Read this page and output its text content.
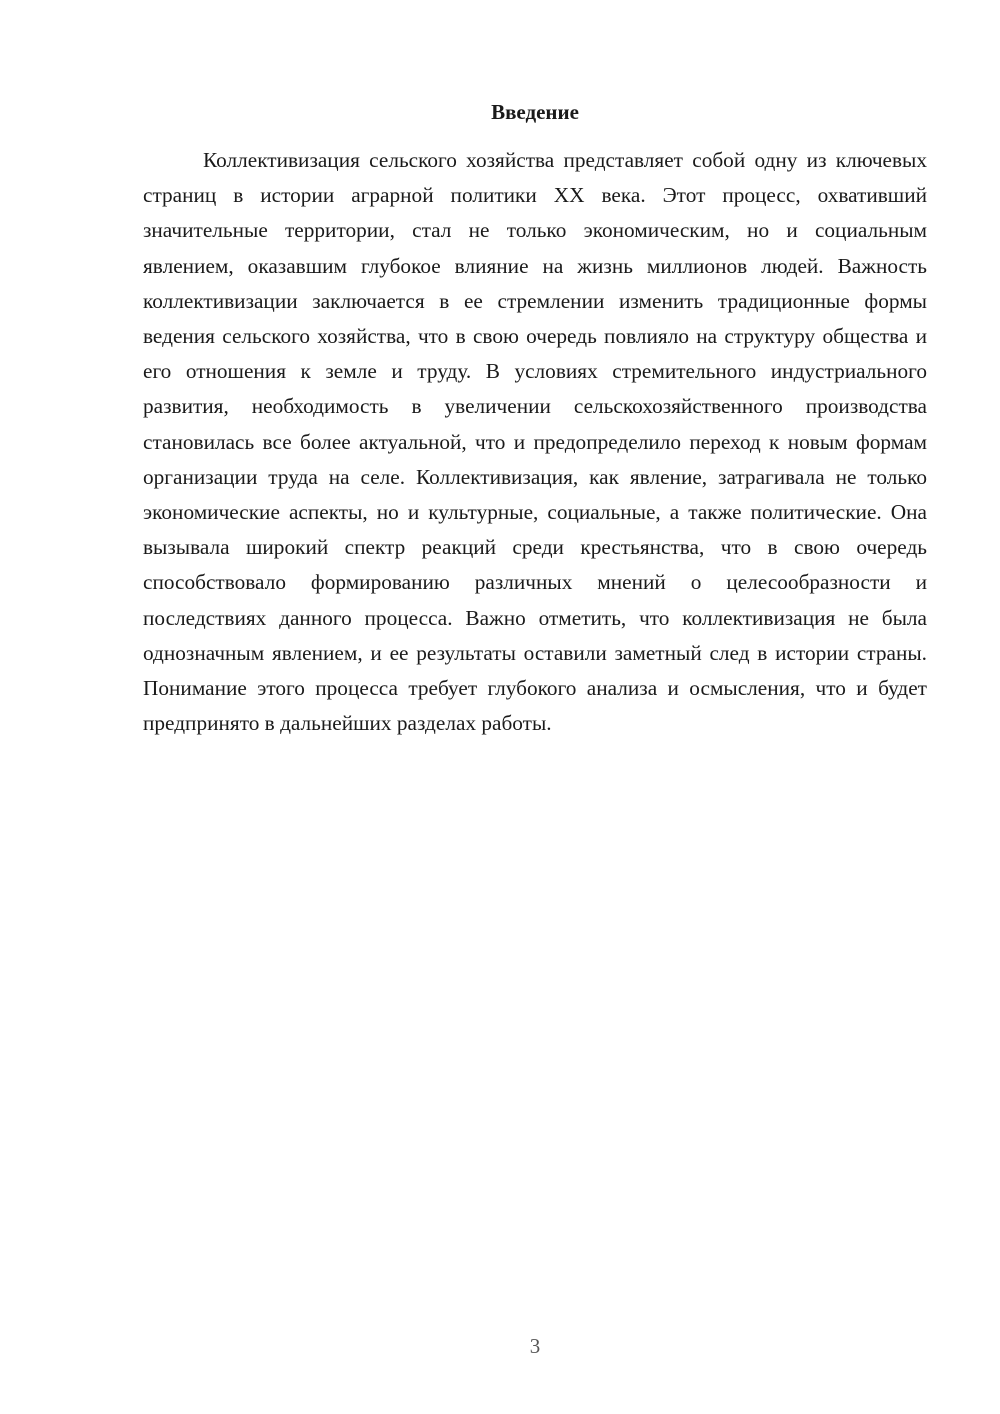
Введение

Коллективизация сельского хозяйства представляет собой одну из ключевых страниц в истории аграрной политики XX века. Этот процесс, охвативший значительные территории, стал не только экономическим, но и социальным явлением, оказавшим глубокое влияние на жизнь миллионов людей. Важность коллективизации заключается в ее стремлении изменить традиционные формы ведения сельского хозяйства, что в свою очередь повлияло на структуру общества и его отношения к земле и труду. В условиях стремительного индустриального развития, необходимость в увеличении сельскохозяйственного производства становилась все более актуальной, что и предопределило переход к новым формам организации труда на селе. Коллективизация, как явление, затрагивала не только экономические аспекты, но и культурные, социальные, а также политические. Она вызывала широкий спектр реакций среди крестьянства, что в свою очередь способствовало формированию различных мнений о целесообразности и последствиях данного процесса. Важно отметить, что коллективизация не была однозначным явлением, и ее результаты оставили заметный след в истории страны. Понимание этого процесса требует глубокого анализа и осмысления, что и будет предпринято в дальнейших разделах работы.

3
